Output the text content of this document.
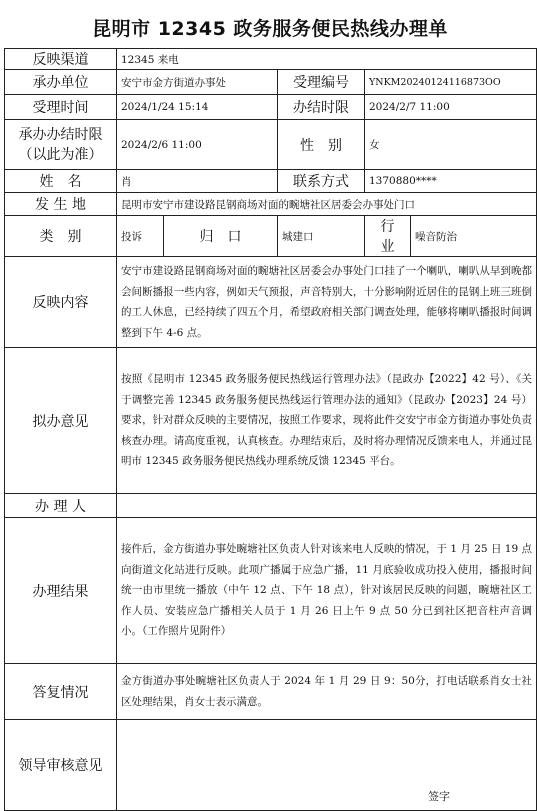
昆明市 12345 政务服务便民热线办理单
反映渠道	12345 来电				
承办单位	安宁市金方街道办事处		受理编号	YNKM20240124116873OO	
受理时间	2024/1/24 15:14		办结时限	2024/2/7 11:00	
承办办结时限
（以此为准）	2024/2/6 11:00		性　别	女	
姓　名	肖		联系方式	1370880****	
发 生 地	昆明市安宁市建设路昆钢商场对面的畹塘社区居委会办事处门口				
类　别	投诉	归　口	城建口	行　业	噪音防治
反映内容	安宁市建设路昆钢商场对面的畹塘社区居委会办事处门口挂了一个喇叭，喇叭从早到晚都会间断播报一些内容，例如天气预报，声音特别大，十分影响附近居住的昆钢上班三班倒的工人休息，已经持续了四五个月，希望政府相关部门调查处理，能够将喇叭播报时间调整到下午 4-6 点。				
拟办意见	按照《昆明市 12345 政务服务便民热线运行管理办法》（昆政办【2022】42 号）、《关于调整完善 12345 政务服务便民热线运行管理办法的通知》（昆政办【2023】24 号）要求，针对群众反映的主要情况，按照工作要求，现将此件交安宁市金方街道办事处负责核查办理。请高度重视，认真核查。办理结束后，及时将办理情况反馈来电人，并通过昆明市 12345 政务服务便民热线办理系统反馈 12345 平台。				
办 理 人					
办理结果	接件后，金方街道办事处畹塘社区负责人针对该来电人反映的情况，于 1 月 25 日 19 点向街道文化站进行反映。此项广播属于应急广播，11 月底验收成功投入使用，播报时间统一由市里统一播放（中午 12 点、下午 18 点），针对该居民反映的问题，畹塘社区工作人员、安装应急广播相关人员于 1 月 26 日上午 9 点 50 分已到社区把音柱声音调小。（工作照片见附件）				
答复情况	金方街道办事处畹塘社区负责人于 2024 年 1 月 29 日 9：50分，打电话联系肖女士社区处理结果，肖女士表示满意。				
领导审核意见	签字				
